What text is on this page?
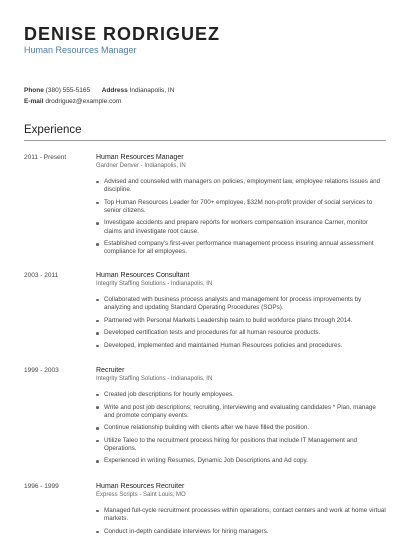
DENISE RODRIGUEZ
Human Resources Manager
Phone (380) 555-5165 Address Indianapolis, IN
E-mail drodriguez@example.com
Experience
2011 - Present	Human Resources Manager
Gardner Denver - Indianapolis, IN
Advised and counseled with managers on policies, employment law, employee relations issues and discipline.
Top Human Resources Leader for 700+ employee, $32M non-profit provider of social services to senior citizens.
Investigate accidents and prepare reports for workers compensation insurance Carrier, monitor claims and investigate root cause.
Established company's first-ever performance management process insuring annual assessment compliance for all employees.
2003 - 2011	Human Resources Consultant
Integrity Staffing Solutions - Indianapolis, IN
Collaborated with business process analysts and management for process improvements by analyzing and updating Standard Operating Procedures (SOPs).
Partnered with Personal Markets Leadership team to build workforce plans through 2014.
Developed certification tests and procedures for all human resource products.
Developed, implemented and maintained Human Resources policies and procedures.
1999 - 2003	Recruiter
Integrity Staffing Solutions - Indianapolis, IN
Created job descriptions for hourly employees.
Write and post job descriptions; recruiting, interviewing and evaluating candidates * Plan, manage and promote company events.
Continue relationship building with clients after we have filled the position.
Utilize Taleo to the recruitment process hiring for positions that include IT Management and Operations.
Experienced in writing Resumes, Dynamic Job Descriptions and Ad copy.
1996 - 1999	Human Resources Recruiter
Express Scripts - Saint Louis, MO
Managed full-cycle recruitment processes within operations, contact centers and work at home virtual markets.
Conduct in-depth candidate interviews for hiring managers.
